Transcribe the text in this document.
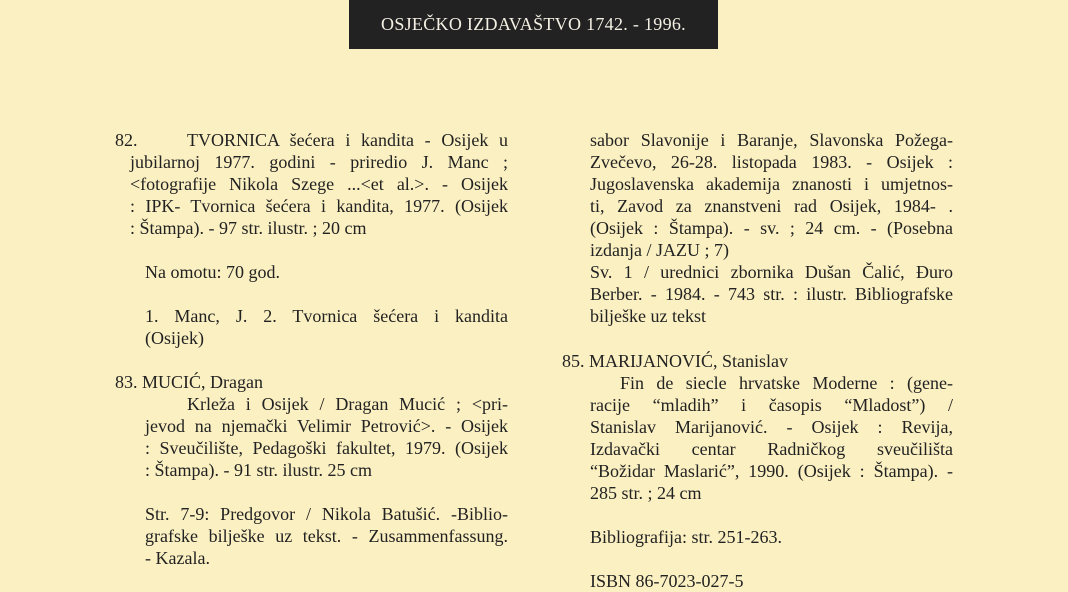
OSJEČKO IZDAVAŠTVO 1742. - 1996.
82.	TVORNICA šećera i kandita - Osijek u

jubilarnoj 1977. godini - priredio J. Manc ;

<fotografije Nikola Szege ...<et al.>. - Osijek

: IPK- Tvornica šećera i kandita, 1977. (Osijek

: Štampa). - 97 str. ilustr. ; 20 cm

Na omotu: 70 god.

1. Manc, J. 2. Tvornica šećera i kandita

(Osijek)

83. MUCIĆ, Dragan

Krleža i Osijek / Dragan Mucić ; <pri-

jevod na njemački Velimir Petrović>. - Osijek

: Sveučilište, Pedagoški fakultet, 1979. (Osijek

: Štampa). - 91 str. ilustr. 25 cm

Str. 7-9: Predgovor / Nikola Batušić. -Biblio-

grafske bilješke uz tekst. - Zusammenfassung.

- Kazala.

sabor Slavonije i Baranje, Slavonska Požega-

Zvečevo, 26-28. listopada 1983. - Osijek :

Jugoslavenska akademija znanosti i umjetnos-

ti, Zavod za znanstveni rad Osijek, 1984- .

(Osijek : Štampa). - sv. ; 24 cm. - (Posebna

izdanja / JAZU ; 7)

Sv. 1 / urednici zbornika Dušan Čalić, Đuro

Berber. - 1984. - 743 str. : ilustr. Bibliografske

bilješke uz tekst

85. MARIJANOVIĆ, Stanislav

Fin de siecle hrvatske Moderne : (gene-

racije “mladih” i časopis “Mladost”) /

Stanislav Marijanović. - Osijek : Revija,

Izdavački centar Radničkog sveučilišta

“Božidar Maslarić”, 1990. (Osijek : Štampa). -

285 str. ; 24 cm

Bibliografija: str. 251-263.

ISBN 86-7023-027-5
